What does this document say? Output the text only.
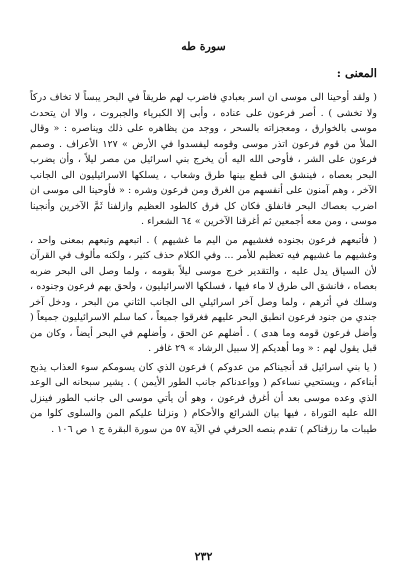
سورة طه
المعنى :

( ولقد أوحينا الى موسى ان اسر بعبادي فاضرب لهم طريقاً في البحر يبساً لا تخاف دركاً ولا تخشى ) . أصر فرعون على عناده ، وأبى إلا الكبرياء والجبروت ، والا ان يتحدث موسى بالخوارق ، ومعجزاته بالسحر ، ووجد من يظاهره على ذلك ويناصره : « وقال الملأ من قوم فرعون اتذر موسى وقومه ليفسدوا في الأرض » ١٢٧ الأعراف . وصمم فرعون على الشر ، فأوحى الله اليه أن يخرج بني اسرائيل من مصر ليلاً ، وأن يضرب البحر بعصاه ، فينشق الى قطع بينها طرق وشعاب ، يسلكها الاسرائيليون الى الجانب الآخر ، وهم آمنون على أنفسهم من الغرق ومن فرعون وشره : « فأوحينا الى موسى ان اضرب بعصاك البحر فانفلق فكان كل فرق كالطود العظيم وازلفنا ثَمَّ الآخرين وأنجينا موسى ، ومن معه أجمعين ثم أغرقنا الآخرين » ٦٤ الشعراء .

( فأتبعهم فرعون بجنوده فغشيهم من اليم ما غشيهم ) . اتبعهم وتبعهم بمعنى واحد ، وغشيهم ما غشيهم فيه تعظيم للأمر ... وفي الكلام حذف كثير ، ولكنه مألوف في القرآن لأن السياق يدل عليه ، والتقدير خرج موسى ليلاً بقومه ، ولما وصل الى البحر ضربه بعصاه ، فانشق الى طرق لا ماء فيها ، فسلكها الاسرائيليون ، ولحق بهم فرعون وجنوده ، وسلك في أثرهم ، ولما وصل آخر اسرائيلي الى الجانب الثاني من البحر ، ودخل آخر جندي من جنود فرعون انطبق البحر عليهم فغرقوا جميعاً ، كما سلم الاسرائيليون جميعاً ( وأضل فرعون قومه وما هدى ) . أضلهم عن الحق ، وأضلهم في البحر أيضاً ، وكان من قبل يقول لهم : « وما أهديكم إلا سبيل الرشاد » ٢٩ غافر .

( يا بني اسرائيل قد أنجيناكم من عدوكم ) فرعون الذي كان يسومكم سوء العذاب يذبح أبناءكم ، ويستحيي نساءكم ( وواعدناكم جانب الطور الأيمن ) . يشير سبحانه الى الوعد الذي وعده موسى بعد أن أغرق فرعون ، وهو أن يأتي موسى الى جانب الطور فينزل الله عليه التوراة ، فيها بيان الشرائع والأحكام ( ونزلنا عليكم المن والسلوى كلوا من طيبات ما رزقناكم ) تقدم بنصه الحرفي في الآية ٥٧ من سورة البقرة ج ١ ص ١٠٦ .

٢٣٢
